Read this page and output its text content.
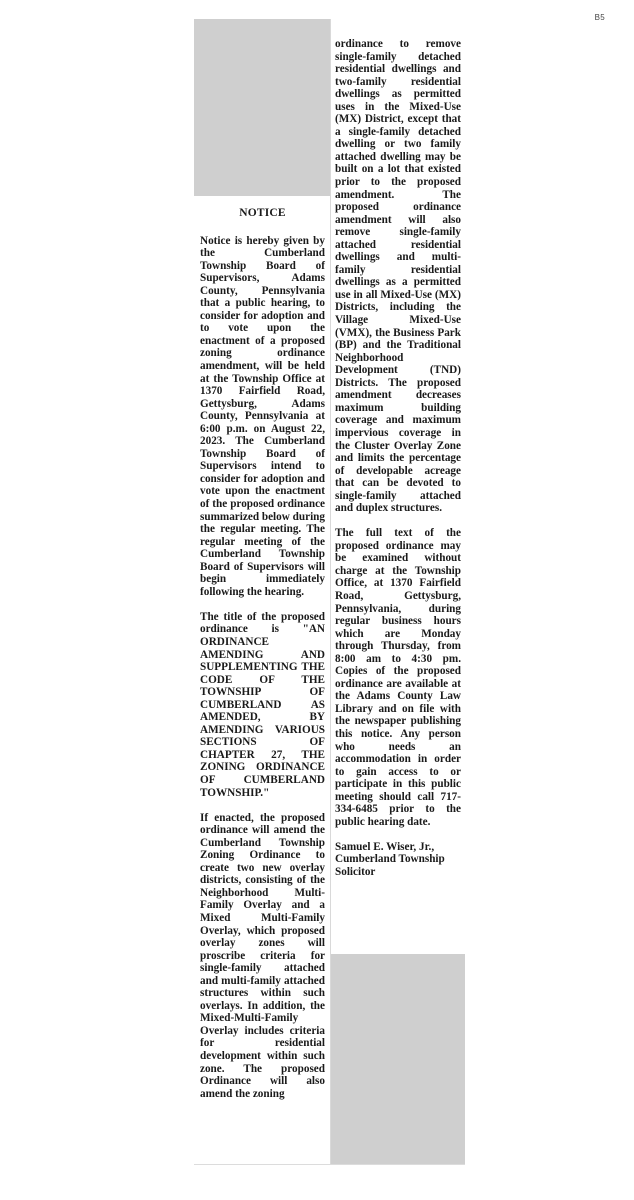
B5

NOTICE

Notice is hereby given by the Cumberland Township Board of Supervisors, Adams County, Pennsylvania that a public hearing, to consider for adoption and to vote upon the enactment of a proposed zoning ordinance amendment, will be held at the Township Office at 1370 Fairfield Road, Gettysburg, Adams County, Pennsylvania at 6:00 p.m. on August 22, 2023. The Cumberland Township Board of Supervisors intend to consider for adoption and vote upon the enactment of the proposed ordinance summarized below during the regular meeting. The regular meeting of the Cumberland Township Board of Supervisors will begin immediately following the hearing.

The title of the proposed ordinance is "AN ORDINANCE AMENDING AND SUPPLEMENTING THE CODE OF THE TOWNSHIP OF CUMBERLAND AS AMENDED, BY AMENDING VARIOUS SECTIONS OF CHAPTER 27, THE ZONING ORDINANCE OF CUMBERLAND TOWNSHIP."

If enacted, the proposed ordinance will amend the Cumberland Township Zoning Ordinance to create two new overlay districts, consisting of the Neighborhood Multi-Family Overlay and a Mixed Multi-Family Overlay, which proposed overlay zones will proscribe criteria for single-family attached and multi-family attached structures within such overlays. In addition, the Mixed-Multi-Family Overlay includes criteria for residential development within such zone. The proposed Ordinance will also amend the zoning

ordinance to remove single-family detached residential dwellings and two-family residential dwellings as permitted uses in the Mixed-Use (MX) District, except that a single-family detached dwelling or two family attached dwelling may be built on a lot that existed prior to the proposed amendment. The proposed ordinance amendment will also remove single-family attached residential dwellings and multi-family residential dwellings as a permitted use in all Mixed-Use (MX) Districts, including the Village Mixed-Use (VMX), the Business Park (BP) and the Traditional Neighborhood Development (TND) Districts. The proposed amendment decreases maximum building coverage and maximum impervious coverage in the Cluster Overlay Zone and limits the percentage of developable acreage that can be devoted to single-family attached and duplex structures.

The full text of the proposed ordinance may be examined without charge at the Township Office, at 1370 Fairfield Road, Gettysburg, Pennsylvania, during regular business hours which are Monday through Thursday, from 8:00 am to 4:30 pm. Copies of the proposed ordinance are available at the Adams County Law Library and on file with the newspaper publishing this notice. Any person who needs an accommodation in order to gain access to or participate in this public meeting should call 717-334-6485 prior to the public hearing date.

Samuel E. Wiser, Jr.,

Cumberland Township Solicitor
